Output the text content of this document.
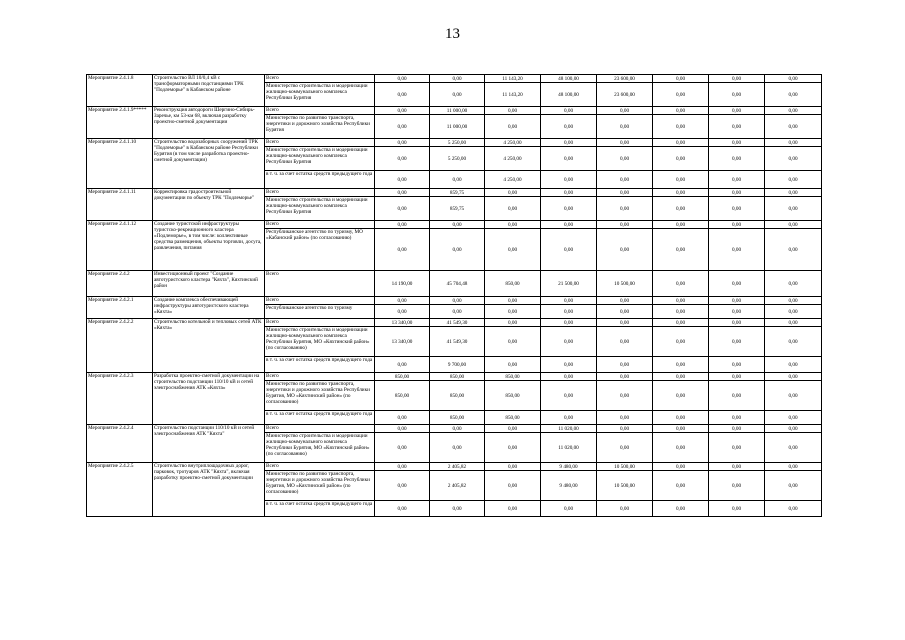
13
Мероприятие 2.4.1.8	Строительство ВЛ 10/0,4 кВ с трансформаторными подстанциями ТРК "Подлеморье" в Кабанском районе	Всего	0,00	0,00	11 143,20	48 100,00	23 600,00	0,00	0,00	0,00
		Министерство строительства и модернизации жилищно-коммунального комплекса Республики Бурятия	0,00	0,00	11 143,20	48 100,00	23 600,00	0,00	0,00	0,00
Мероприятие 2.4.1.9*****	Реконструкция автодороги Шергино-Сибирь-Заречье, км 53-км 68, включая разработку проектно-сметной документации	Всего	0,00	11 000,00	0,00	0,00	0,00	0,00	0,00	0,00
		Министерство по развитию транспорта, энергетики и дорожного хозяйства Республики Бурятия	0,00	11 000,00	0,00	0,00	0,00	0,00	0,00	0,00
Мероприятие 2.4.1.10	Строительство водозаборных сооружений ТРК "Подлеморье" в Кабанском районе Республики Бурятия (в том числе разработка проектно-сметной документации)	Всего	0,00	5 250,00	4 250,00	0,00	0,00	0,00	0,00	0,00
		Министерство строительства и модернизации жилищно-коммунального комплекса Республики Бурятия	0,00	5 250,00	4 250,00	0,00	0,00	0,00	0,00	0,00
		в т. ч. за счет остатка средств предыдущего года	0,00	0,00	4 250,00	0,00	0,00	0,00	0,00	0,00
Мероприятие 2.4.1.11	Корректировка градостроительной документации по объекту ТРК "Подлеморье"	Всего	0,00	859,75	0,00	0,00	0,00	0,00	0,00	0,00
		Министерство строительства и модернизации жилищно-коммунального комплекса Республики Бурятия	0,00	859,75	0,00	0,00	0,00	0,00	0,00	0,00
Мероприятие 2.4.1.12	Создание туристской инфраструктуры туристско-рекреационного кластера «Подлеморье», в том числе: коллективные средства размещения, объекты торговли, досуга, развлечения, питания	Всего	0,00	0,00	0,00	0,00	0,00	0,00	0,00	0,00
		Республиканское агентство по туризму, МО «Кабанский район» (по согласованию)	0,00	0,00	0,00	0,00	0,00	0,00	0,00	0,00
Мероприятие 2.4.2	Инвестиционный проект "Создание автотуристского кластера "Кяхта", Кяхтинский район	Всего	14 190,00	45 704,48	850,00	21 500,00	10 500,00	0,00	0,00	0,00
Мероприятие 2.4.2.1	Создание комплекса обеспечивающей инфраструктуры автотуристского кластера «Кяхта»	Всего	0,00	0,00	0,00	0,00	0,00	0,00	0,00	0,00
		Республиканское агентство по туризму	0,00	0,00	0,00	0,00	0,00	0,00	0,00	0,00
Мероприятие 2.4.2.2	Строительство котельной и тепловых сетей АТК «Кяхта»	Всего	13 340,00	41 549,30	0,00	0,00	0,00	0,00	0,00	0,00
		Министерство строительства и модернизации жилищно-коммунального комплекса Республики Бурятия, МО «Кяхтинский район» (по согласованию)	13 340,00	41 549,30	0,00	0,00	0,00	0,00	0,00	0,00
		в т. ч. за счет остатка средств предыдущего года	0,00	9 700,00	0,00	0,00	0,00	0,00	0,00	0,00
Мероприятие 2.4.2.3	Разработка проектно-сметной документации на строительство подстанции 110/10 кВ и сетей электроснабжения АТК «Кяхта»	Всего	850,00	850,00	850,00	0,00	0,00	0,00	0,00	0,00
		Министерство по развитию транспорта, энергетики и дорожного хозяйства Республики Бурятия, МО «Кяхтинский район» (по согласованию)	850,00	850,00	850,00	0,00	0,00	0,00	0,00	0,00
		в т. ч. за счет остатка средств предыдущего года	0,00	850,00	850,00	0,00	0,00	0,00	0,00	0,00
Мероприятие 2.4.2.4	Строительство подстанции 110/10 кВ и сетей электроснабжения АТК "Кяхта"	Всего	0,00	0,00	0,00	11 020,00	0,00	0,00	0,00	0,00
		Министерство строительства и модернизации жилищно-коммунального комплекса Республики Бурятия, МО «Кяхтинский район» (по согласованию)	0,00	0,00	0,00	11 020,00	0,00	0,00	0,00	0,00
Мероприятие 2.4.2.5	Строительство внутриплощадочных дорог, парковок, тротуаров АТК "Кяхта", включая разработку проектно-сметной документации	Всего	0,00	2 405,82	0,00	9 480,00	10 500,00	0,00	0,00	0,00
		Министерство по развитию транспорта, энергетики и дорожного хозяйства Республики Бурятия, МО «Кяхтинский район» (по согласованию)	0,00	2 405,82	0,00	9 480,00	10 500,00	0,00	0,00	0,00
		в т. ч. за счет остатка средств предыдущего года	0,00	0,00	0,00	0,00	0,00	0,00	0,00	0,00
